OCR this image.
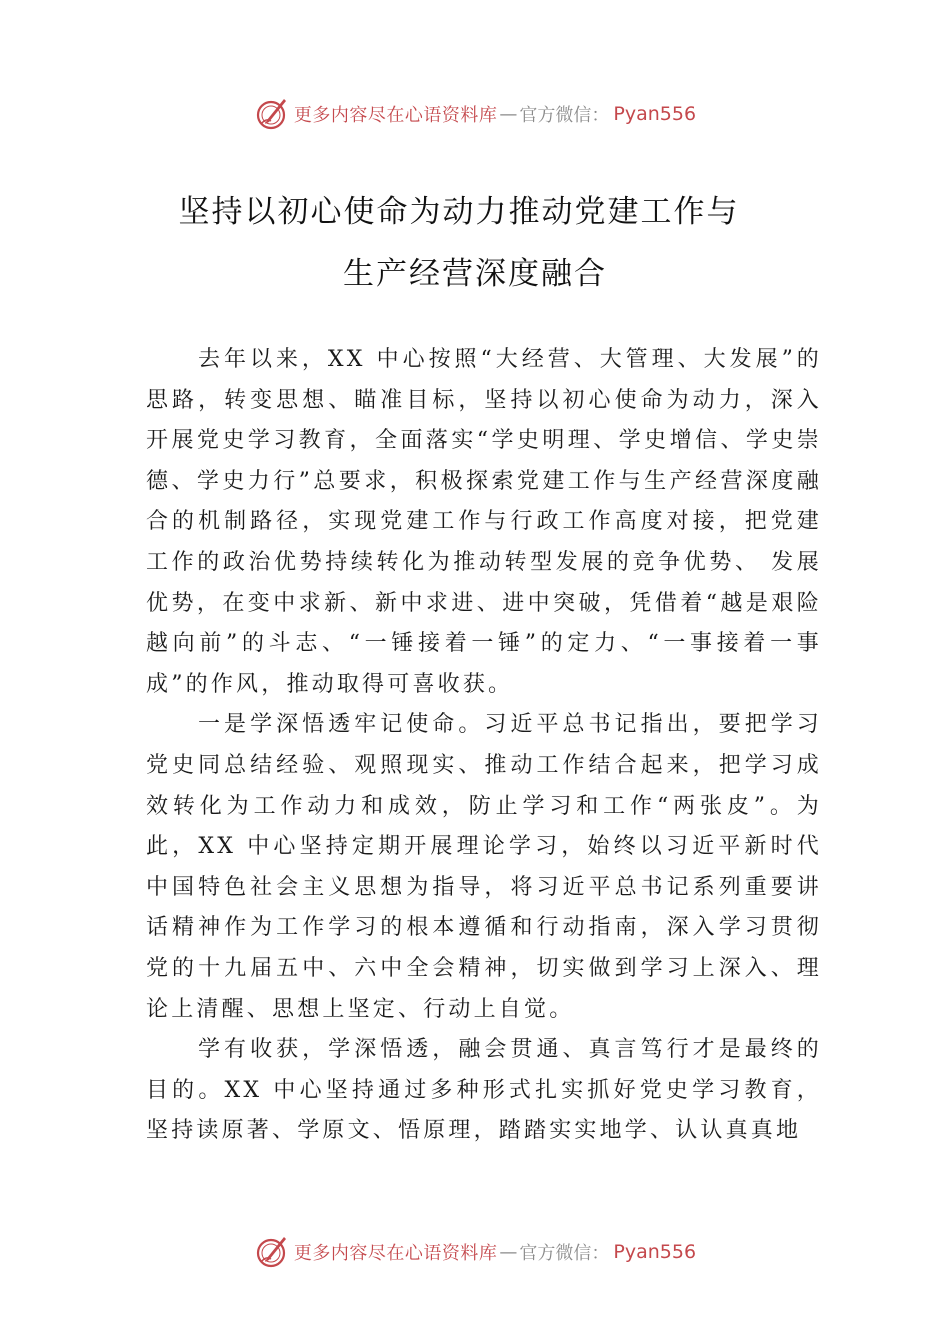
更多内容尽在心语资料库 — 官方微信： Pyan556
坚持以初心使命为动力推动党建工作与
生产经营深度融合

去年以来，XX 中心按照“大经营、大管理、大发展”的思路，转变思想、瞄准目标，坚持以初心使命为动力，深入开展党史学习教育，全面落实“学史明理、学史增信、学史崇德、学史力行”总要求，积极探索党建工作与生产经营深度融合的机制路径，实现党建工作与行政工作高度对接，把党建工作的政治优势持续转化为推动转型发展的竞争优势、 发展优势，在变中求新、新中求进、进中突破，凭借着“越是艰险越向前”的斗志、“一锤接着一锤”的定力、“一事接着一事成”的作风，推动取得可喜收获。

一是学深悟透牢记使命。习近平总书记指出，要把学习党史同总结经验、观照现实、推动工作结合起来，把学习成效转化为工作动力和成效，防止学习和工作“两张皮”。为此，XX 中心坚持定期开展理论学习，始终以习近平新时代中国特色社会主义思想为指导，将习近平总书记系列重要讲话精神作为工作学习的根本遵循和行动指南，深入学习贯彻党的十九届五中、六中全会精神，切实做到学习上深入、理论上清醒、思想上坚定、行动上自觉。

学有收获，学深悟透，融会贯通、真言笃行才是最终的目的。XX 中心坚持通过多种形式扎实抓好党史学习教育，坚持读原著、学原文、悟原理，踏踏实实地学、认认真真地

更多内容尽在心语资料库 — 官方微信： Pyan556
